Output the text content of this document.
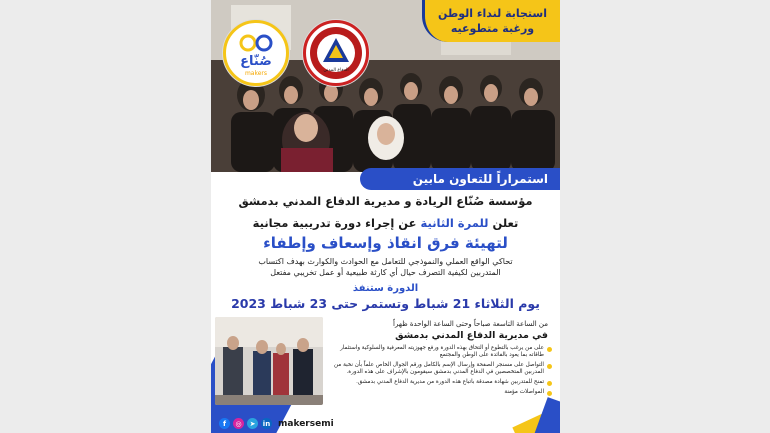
استجابة لنداء الوطن
ورغبة متطوعيه
صُنّاع
makers	الدفاع المدني
استمراراً للتعاون مابين
مؤسسة صُنّاع الريادة و مديرية الدفاع المدني بدمشق
تعلن للمرة الثانية عن إجراء دورة تدريبية مجانية
لتهيئة فرق انقاذ وإسعاف وإطفاء
تحاكي الواقع العملي والنموذجي للتعامل مع الحوادث والكوارث بهدف اكتساب
المتدربين لكيفية التصرف حيال أي كارثة طبيعية أو عمل تخريبي مفتعل
الدورة ستنفذ
يوم الثلاثاء 21 شباط وتستمر حتى 23 شباط 2023
من الساعة التاسعة صباحاً وحتى الساعة الواحدة ظهراً
في مديرية الدفاع المدني بدمشق
على من يرغب بالتطوع أو التحاق بهذه الدورة ورفع جهوزيته المعرفية والسلوكية واستثمار طاقاته بما يعود بالفائدة على الوطن والمجتمع
التواصل على مسنجر الصفحة وإرسال الإسم بالكامل ورقم الجوال الخاص علماً بأن نخبة من المدربين المتخصصين في الدفاع المدني بدمشق سيقومون بالإشراف على هذه الدورة.
تمنح للمتدربين شهادة مصدقة باتباع هذه الدورة من مديرية الدفاع المدني بدمشق.
المواصلات مؤمنة
f	◎	➤	in makersemi
